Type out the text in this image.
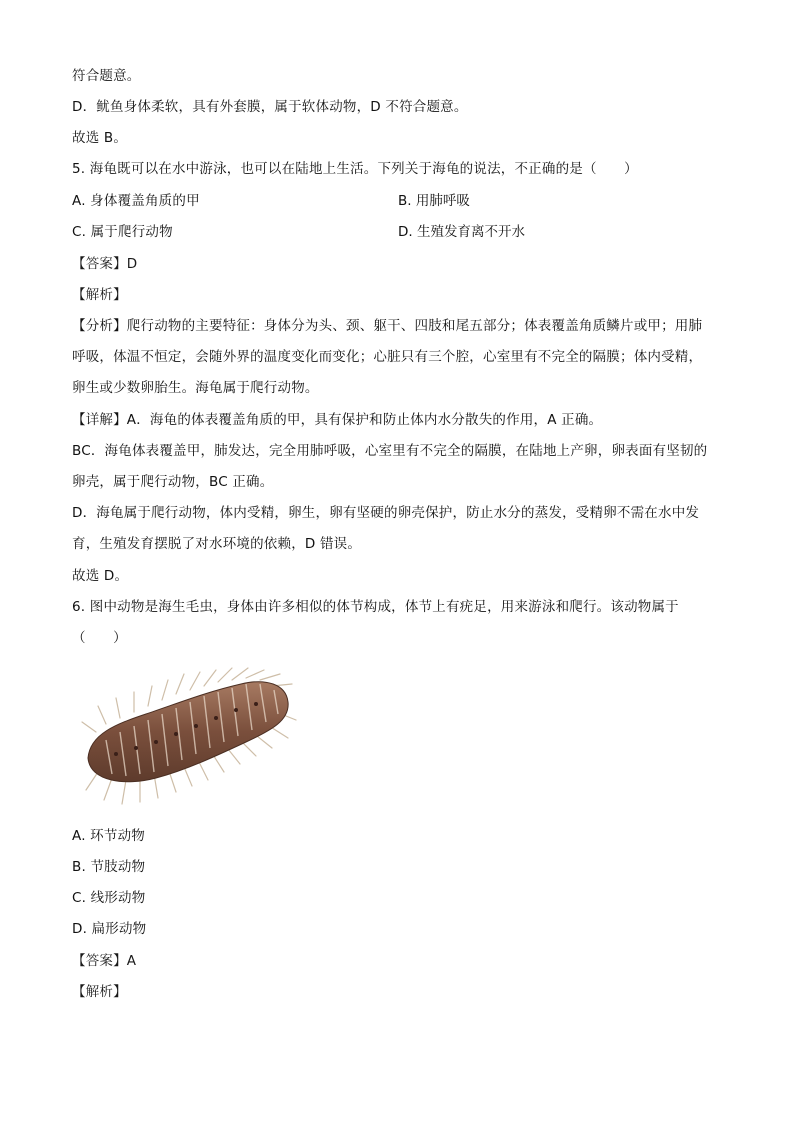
符合题意。
D．鱿鱼身体柔软，具有外套膜，属于软体动物，D 不符合题意。
故选 B。
5. 海龟既可以在水中游泳，也可以在陆地上生活。下列关于海龟的说法，不正确的是（　　）
A. 身体覆盖角质的甲	B. 用肺呼吸
C. 属于爬行动物	D. 生殖发育离不开水
【答案】D
【解析】
【分析】爬行动物的主要特征：身体分为头、颈、躯干、四肢和尾五部分；体表覆盖角质鳞片或甲；用肺
呼吸，体温不恒定，会随外界的温度变化而变化；心脏只有三个腔，心室里有不完全的隔膜；体内受精，
卵生或少数卵胎生。海龟属于爬行动物。
【详解】A．海龟的体表覆盖角质的甲，具有保护和防止体内水分散失的作用，A 正确。
BC．海龟体表覆盖甲，肺发达，完全用肺呼吸，心室里有不完全的隔膜，在陆地上产卵，卵表面有坚韧的
卵壳，属于爬行动物，BC 正确。
D．海龟属于爬行动物，体内受精，卵生，卵有坚硬的卵壳保护，防止水分的蒸发，受精卵不需在水中发
育，生殖发育摆脱了对水环境的依赖，D 错误。
故选 D。
6. 图中动物是海生毛虫，身体由许多相似的体节构成，体节上有疣足，用来游泳和爬行。该动物属于
（　　）
A. 环节动物
B. 节肢动物
C. 线形动物
D. 扁形动物
【答案】A
【解析】
